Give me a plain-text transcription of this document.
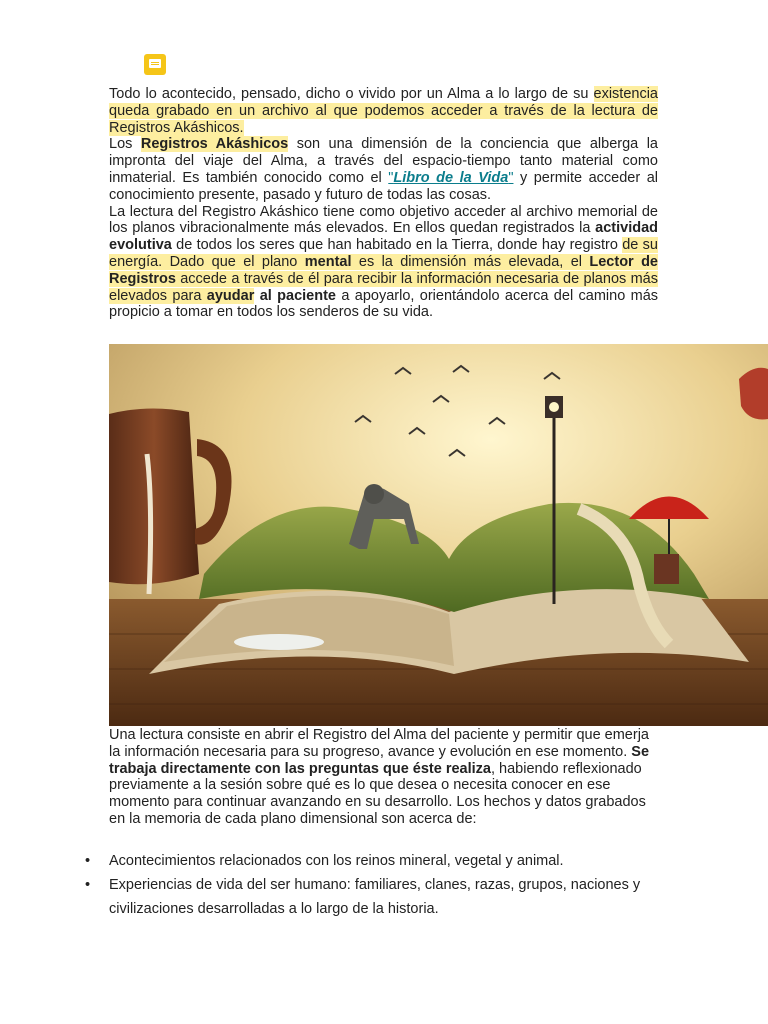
Todo lo acontecido, pensado, dicho o vivido por un Alma a lo largo de su existencia queda grabado en un archivo al que podemos acceder a través de la lectura de Registros Akáshicos.

Los Registros Akáshicos son una dimensión de la conciencia que alberga la impronta del viaje del Alma, a través del espacio-tiempo tanto material como inmaterial. Es también conocido como el "Libro de la Vida" y permite acceder al conocimiento presente, pasado y futuro de todas las cosas.

La lectura del Registro Akáshico tiene como objetivo acceder al archivo memorial de los planos vibracionalmente más elevados. En ellos quedan registrados la actividad evolutiva de todos los seres que han habitado en la Tierra, donde hay registro de su energía. Dado que el plano mental es la dimensión más elevada, el Lector de Registros accede a través de él para recibir la información necesaria de planos más elevados para ayudar al paciente a apoyarlo, orientándolo acerca del camino más propicio a tomar en todos los senderos de su vida.

Una lectura consiste en abrir el Registro del Alma del paciente y permitir que emerja la información necesaria para su progreso, avance y evolución en ese momento. Se trabaja directamente con las preguntas que éste realiza, habiendo reflexionado previamente a la sesión sobre qué es lo que desea o necesita conocer en ese momento para continuar avanzando en su desarrollo. Los hechos y datos grabados en la memoria de cada plano dimensional son acerca de:

• Acontecimientos relacionados con los reinos mineral, vegetal y animal.
• Experiencias de vida del ser humano: familiares, clanes, razas, grupos, naciones y civilizaciones desarrolladas a lo largo de la historia.
